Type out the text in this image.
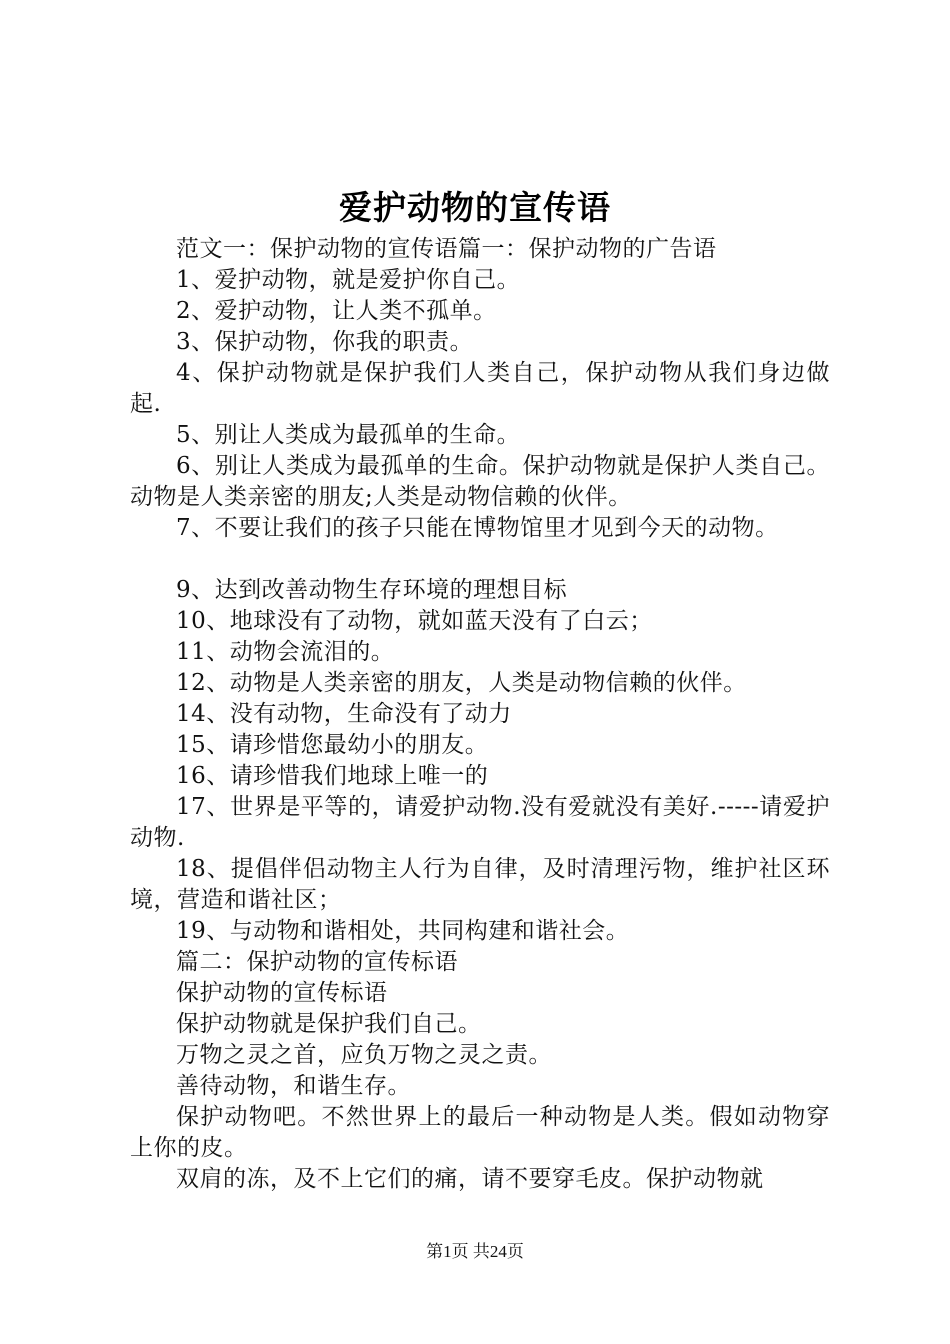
爱护动物的宣传语

范文一：保护动物的宣传语篇一：保护动物的广告语

1、爱护动物，就是爱护你自己。

2、爱护动物，让人类不孤单。

3、保护动物，你我的职责。

4、保护动物就是保护我们人类自己，保护动物从我们身边做起.

5、别让人类成为最孤单的生命。

6、别让人类成为最孤单的生命。保护动物就是保护人类自己。动物是人类亲密的朋友;人类是动物信赖的伙伴。

7、不要让我们的孩子只能在博物馆里才见到今天的动物。

9、达到改善动物生存环境的理想目标

10、地球没有了动物，就如蓝天没有了白云；

11、动物会流泪的。

12、动物是人类亲密的朋友，人类是动物信赖的伙伴。

14、没有动物，生命没有了动力

15、请珍惜您最幼小的朋友。

16、请珍惜我们地球上唯一的

17、世界是平等的，请爱护动物.没有爱就没有美好.-----请爱护动物.

18、提倡伴侣动物主人行为自律，及时清理污物，维护社区环境，营造和谐社区；

19、与动物和谐相处，共同构建和谐社会。

篇二：保护动物的宣传标语

保护动物的宣传标语

保护动物就是保护我们自己。

万物之灵之首，应负万物之灵之责。

善待动物，和谐生存。

保护动物吧。不然世界上的最后一种动物是人类。假如动物穿上你的皮。

双肩的冻，及不上它们的痛，请不要穿毛皮。保护动物就

第1页 共24页
